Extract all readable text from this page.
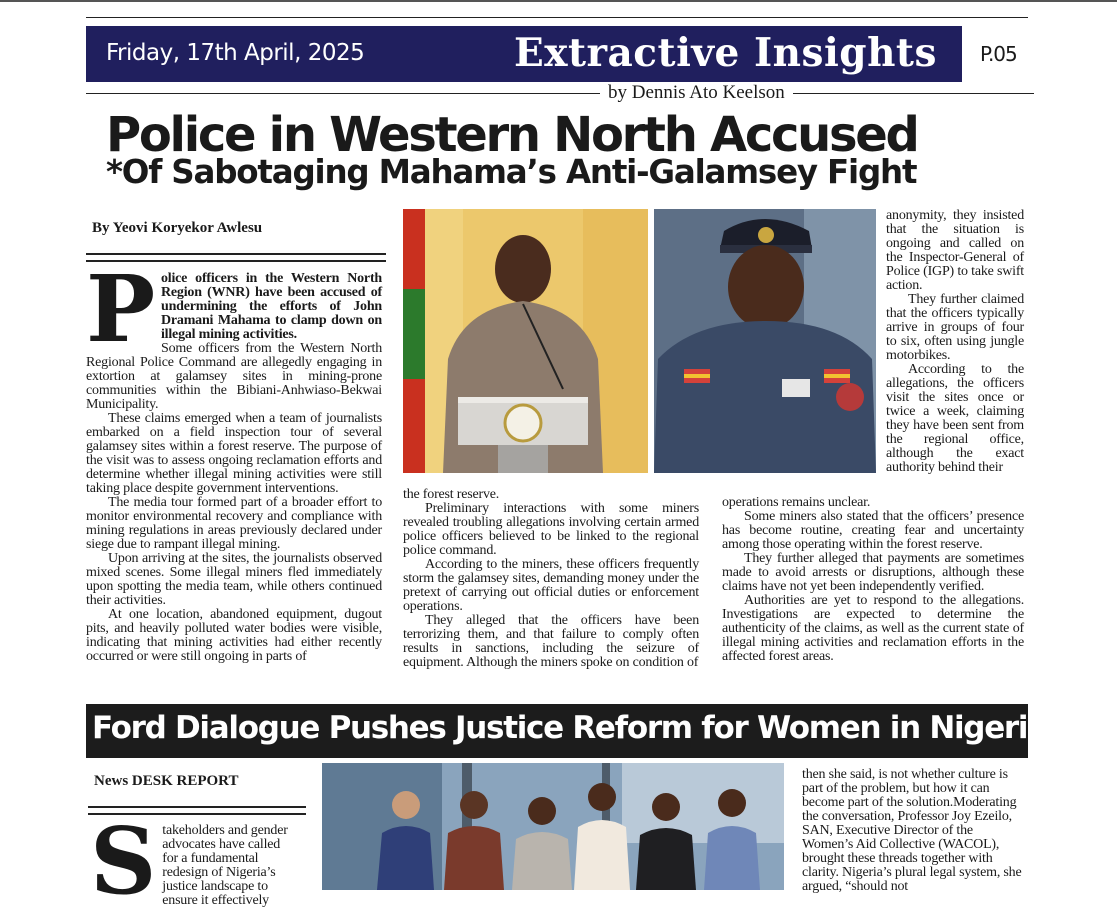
Friday, 17th April, 2025	Extractive Insights P.05
by Dennis Ato Keelson
Police in Western North Accused
*Of Sabotaging Mahama’s Anti-Galamsey Fight
By Yeovi Koryekor Awlesu
P olice officers in the Western North Region (WNR) have been accused of undermining the efforts of John Dramani Mahama to clamp down on illegal mining activities.

Some officers from the Western North Regional Police Command are allegedly engaging in extortion at galamsey sites in mining-prone communities within the Bibiani-Anhwiaso-Bekwai Municipality.

These claims emerged when a team of journalists embarked on a field inspection tour of several galamsey sites within a forest reserve. The purpose of the visit was to assess ongoing reclamation efforts and determine whether illegal mining activities were still taking place despite government interventions.

The media tour formed part of a broader effort to monitor environmental recovery and compliance with mining regulations in areas previously declared under siege due to rampant illegal mining.

Upon arriving at the sites, the journalists observed mixed scenes. Some illegal miners fled immediately upon spotting the media team, while others continued their activities.

At one location, abandoned equipment, dugout pits, and heavily polluted water bodies were visible, indicating that mining activities had either recently occurred or were still ongoing in parts of

the forest reserve.

Preliminary interactions with some miners revealed troubling allegations involving certain armed police officers believed to be linked to the regional police command.

According to the miners, these officers frequently storm the galamsey sites, demanding money under the pretext of carrying out official duties or enforcement operations.

They alleged that the officers have been terrorizing them, and that failure to comply often results in sanctions, including the seizure of equipment. Although the miners spoke on condition of

anonymity, they insisted that the situation is ongoing and called on the Inspector-General of Police (IGP) to take swift action.

They further claimed that the officers typically arrive in groups of four to six, often using jungle motorbikes.

According to the allegations, the officers visit the sites once or twice a week, claiming they have been sent from the regional office, although the exact authority behind their

operations remains unclear.

Some miners also stated that the officers’ presence has become routine, creating fear and uncertainty among those operating within the forest reserve.

They further alleged that payments are sometimes made to avoid arrests or disruptions, although these claims have not yet been independently verified.

Authorities are yet to respond to the allegations. Investigations are expected to determine the authenticity of the claims, as well as the current state of illegal mining activities and reclamation efforts in the affected forest areas.

Ford Dialogue Pushes Justice Reform for Women in Nigeria
News DESK REPORT
S takeholders and gender advocates have called for a fundamental redesign of Nigeria’s justice landscape to ensure it effectively

then she said, is not whether culture is part of the problem, but how it can become part of the solution.Moderating the conversation, Professor Joy Ezeilo, SAN, Executive Director of the Women’s Aid Collective (WACOL), brought these threads together with clarity. Nigeria’s plural legal system, she argued, “should not
